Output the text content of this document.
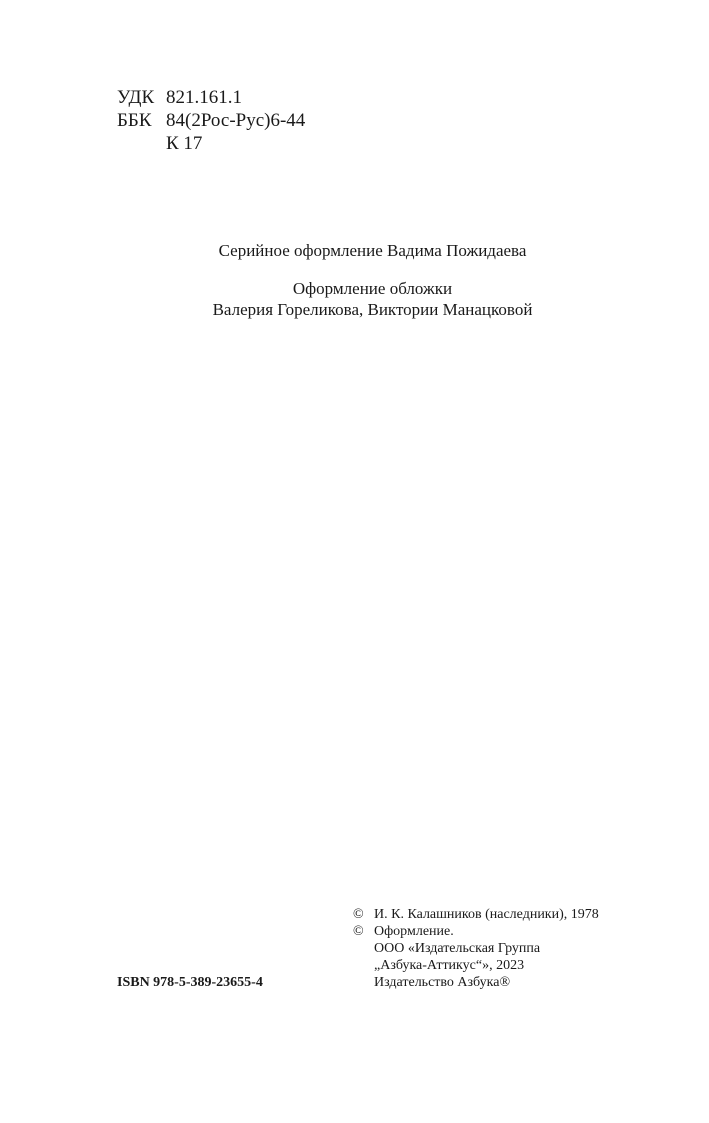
УДК 821.161.1
ББК 84(2Рос-Рус)6-44
К 17
Серийное оформление Вадима Пожидаева
Оформление обложки
Валерия Гореликова, Виктории Манацковой
© И. К. Калашников (наследники), 1978
© Оформление.
ООО «Издательская Группа
„Азбука-Аттикус“», 2023
Издательство Азбука®
ISBN 978-5-389-23655-4
